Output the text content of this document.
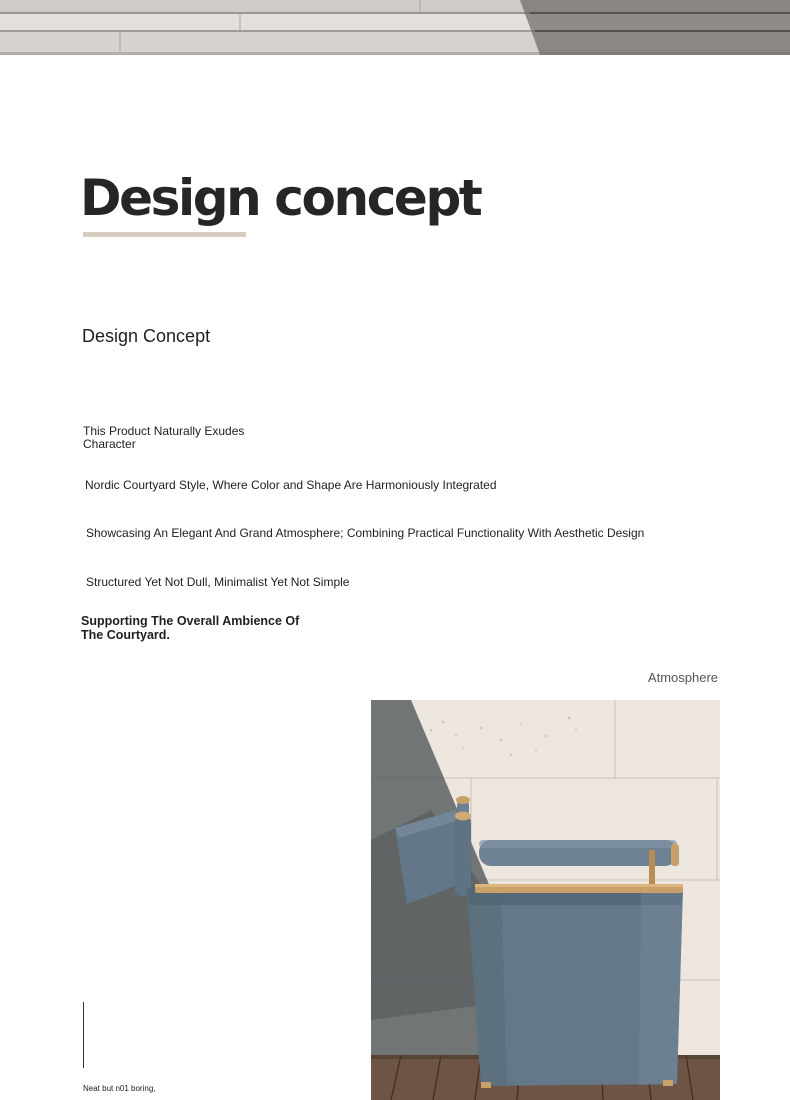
Design concept
Design Concept

This Product Naturally Exudes Character

Nordic Courtyard Style, Where Color and Shape Are Harmoniously Integrated

Showcasing An Elegant And Grand Atmosphere; Combining Practical Functionality With Aesthetic Design

Structured Yet Not Dull, Minimalist Yet Not Simple

Supporting The Overall Ambience Of The Courtyard.

Atmosphere

Neat but n01 boring,
